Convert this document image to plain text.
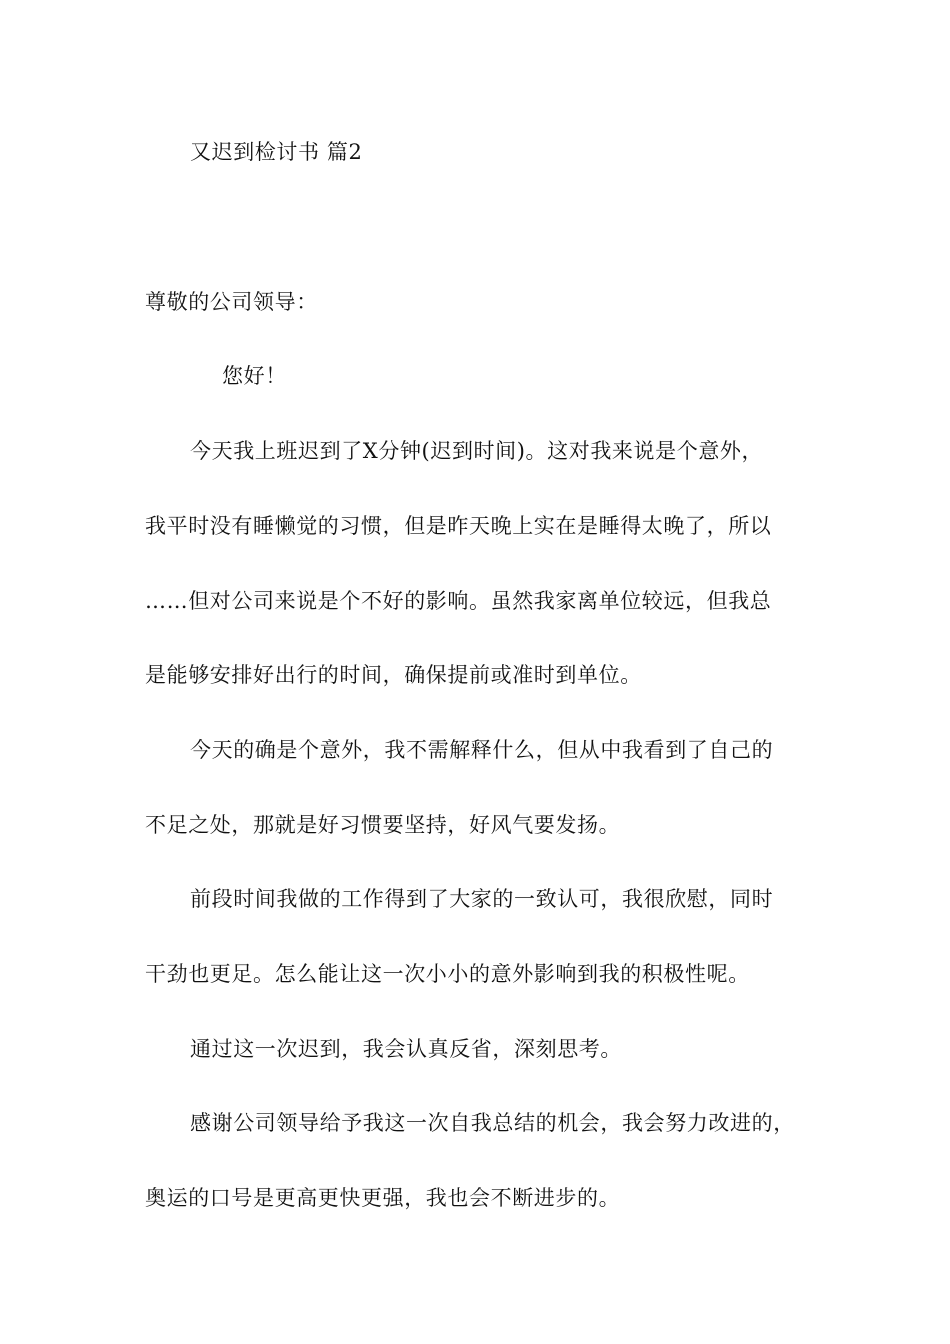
又迟到检讨书 篇2
尊敬的公司领导：
您好！
今天我上班迟到了X分钟(迟到时间)。这对我来说是个意外，
我平时没有睡懒觉的习惯，但是昨天晚上实在是睡得太晚了，所以
……但对公司来说是个不好的影响。虽然我家离单位较远，但我总
是能够安排好出行的时间，确保提前或准时到单位。
今天的确是个意外，我不需解释什么，但从中我看到了自己的
不足之处，那就是好习惯要坚持，好风气要发扬。
前段时间我做的工作得到了大家的一致认可，我很欣慰，同时
干劲也更足。怎么能让这一次小小的意外影响到我的积极性呢。
通过这一次迟到，我会认真反省，深刻思考。
感谢公司领导给予我这一次自我总结的机会，我会努力改进的，
奥运的口号是更高更快更强，我也会不断进步的。
